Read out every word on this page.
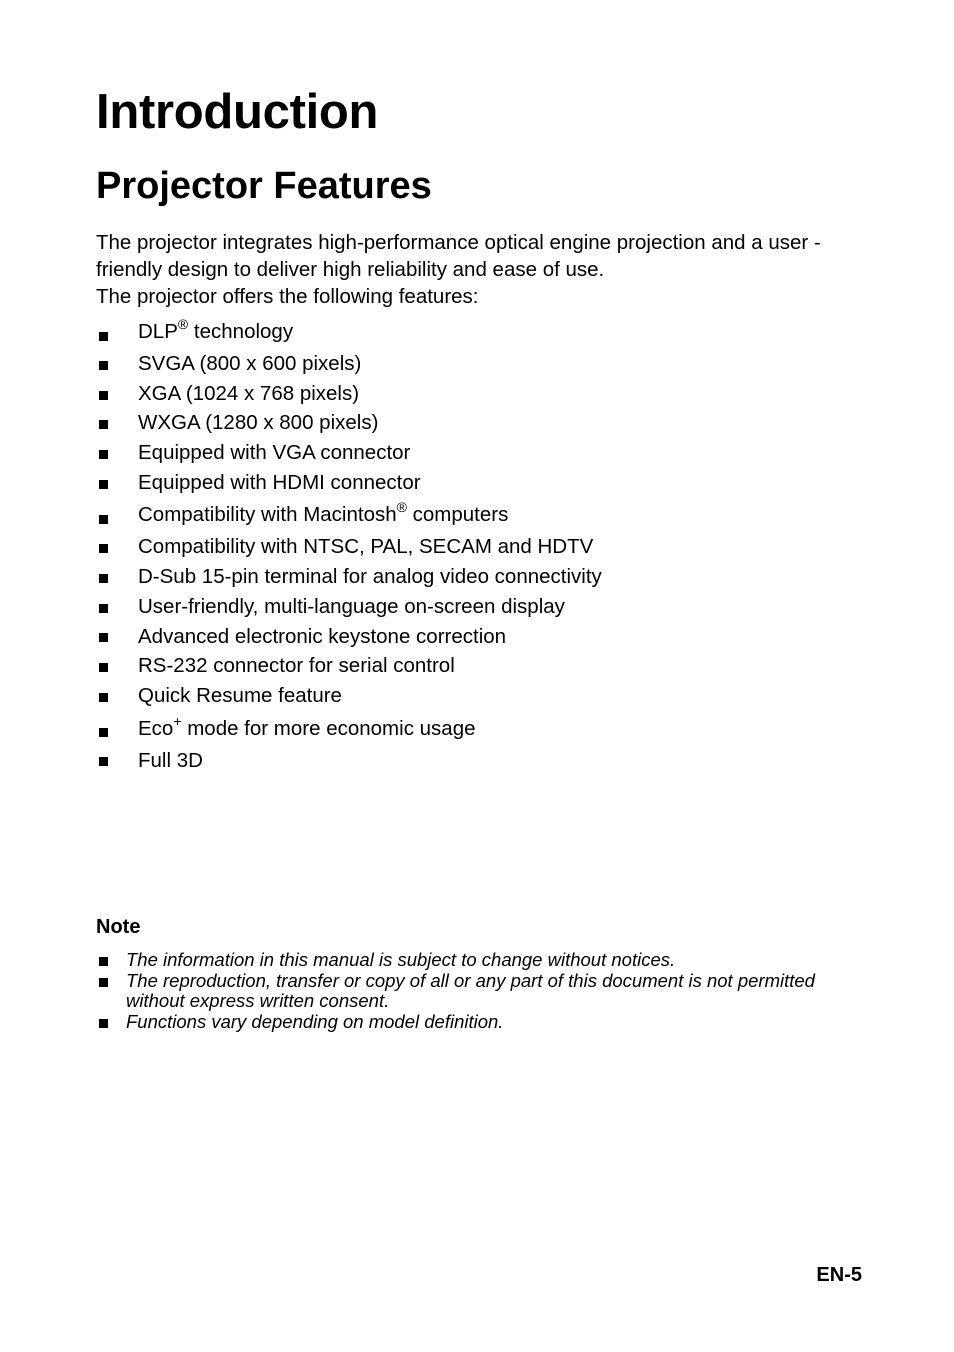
Introduction
Projector Features

The projector integrates high-performance optical engine projection and a user - friendly design to deliver high reliability and ease of use.

The projector offers the following features:

DLP® technology
SVGA (800 x 600 pixels)
XGA (1024 x 768 pixels)
WXGA (1280 x 800 pixels)
Equipped with VGA connector
Equipped with HDMI connector
Compatibility with Macintosh® computers
Compatibility with NTSC, PAL, SECAM and HDTV
D-Sub 15-pin terminal for analog video connectivity
User-friendly, multi-language on-screen display
Advanced electronic keystone correction
RS-232 connector for serial control
Quick Resume feature
Eco+ mode for more economic usage
Full 3D
Note
The information in this manual is subject to change without notices.
The reproduction, transfer or copy of all or any part of this document is not permitted without express written consent.
Functions vary depending on model definition.
EN-5
